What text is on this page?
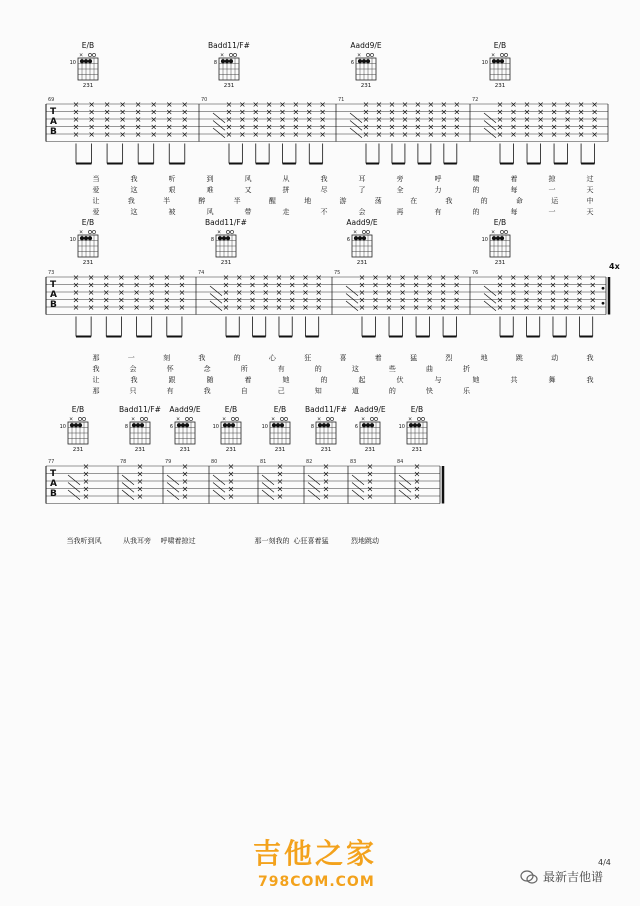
T
A
B
69
E/B
10
×
231
×
×
×
×
×
×
×
×
×
×
×
×
×
×
×
×
×
×
×
×
×
×
×
×
×
×
×
×
×
×
×
×
×
×
×
×
×
×
×
×
70
Badd11/F#
8
×
231
×
×
×
×
×
×
×
×
×
×
×
×
×
×
×
×
×
×
×
×
×
×
×
×
×
×
×
×
×
×
×
×
×
×
×
×
×
×
×
×
71
Aadd9/E
6
×
231
×
×
×
×
×
×
×
×
×
×
×
×
×
×
×
×
×
×
×
×
×
×
×
×
×
×
×
×
×
×
×
×
×
×
×
×
×
×
×
×
72
E/B
10
×
231
×
×
×
×
×
×
×
×
×
×
×
×
×
×
×
×
×
×
×
×
×
×
×
×
×
×
×
×
×
×
×
×
×
×
×
×
×
×
×
×
当	我	听	到	风	从	我	耳	旁	呼	啸	着	掠	过
爱	这	艰	难	又	拼	尽	了	全	力	的	每	一	天
让	我	半	醉	半	醒	地	游	荡	在	我	的	命	运	中
爱	这	被	风	带	走	不	会	再	有	的	每	一	天
T
A
B
73
E/B
10
×
231
×
×
×
×
×
×
×
×
×
×
×
×
×
×
×
×
×
×
×
×
×
×
×
×
×
×
×
×
×
×
×
×
×
×
×
×
×
×
×
×
74
Badd11/F#
8
×
231
×
×
×
×
×
×
×
×
×
×
×
×
×
×
×
×
×
×
×
×
×
×
×
×
×
×
×
×
×
×
×
×
×
×
×
×
×
×
×
×
75
Aadd9/E
6
×
231
×
×
×
×
×
×
×
×
×
×
×
×
×
×
×
×
×
×
×
×
×
×
×
×
×
×
×
×
×
×
×
×
×
×
×
×
×
×
×
×
76
E/B
10
×
231
×
×
×
×
×
×
×
×
×
×
×
×
×
×
×
×
×
×
×
×
×
×
×
×
×
×
×
×
×
×
×
×
×
×
×
×
×
×
×
×
4x
那	一	刻	我	的	心	狂	喜	着	猛	烈	地	跳	动	我
我	会	怀	念	所	有	的	这	些	曲	折
让	我	跟	随	着	她	的	起	伏	与	她	共	舞	我
那	只	有	我	自	己	知	道	的	快	乐
T
A
B
E/B
10
×
231
77	×
×
×
×
×
Badd11/F#
8
×
231
78 ×
×
×
×
×
Aadd9/E
6
×
231
79 ×
×
×
×
×
E/B
10
×
231
80 ×
×
×
×
×
E/B
10
×
231
81 ×
×
×
×
×
Badd11/F#
8
×
231
82 ×
×
×
×
×
Aadd9/E
6
×
231
83 ×
×
×
×
×
E/B
10
×
231
84 ×
×
×
×
×
当我听到风	从我耳旁 呼啸着掠过	那一刻我的 心狂喜着猛	烈地跳动
吉他之家
798COM.COM
4/4
最新吉他谱
